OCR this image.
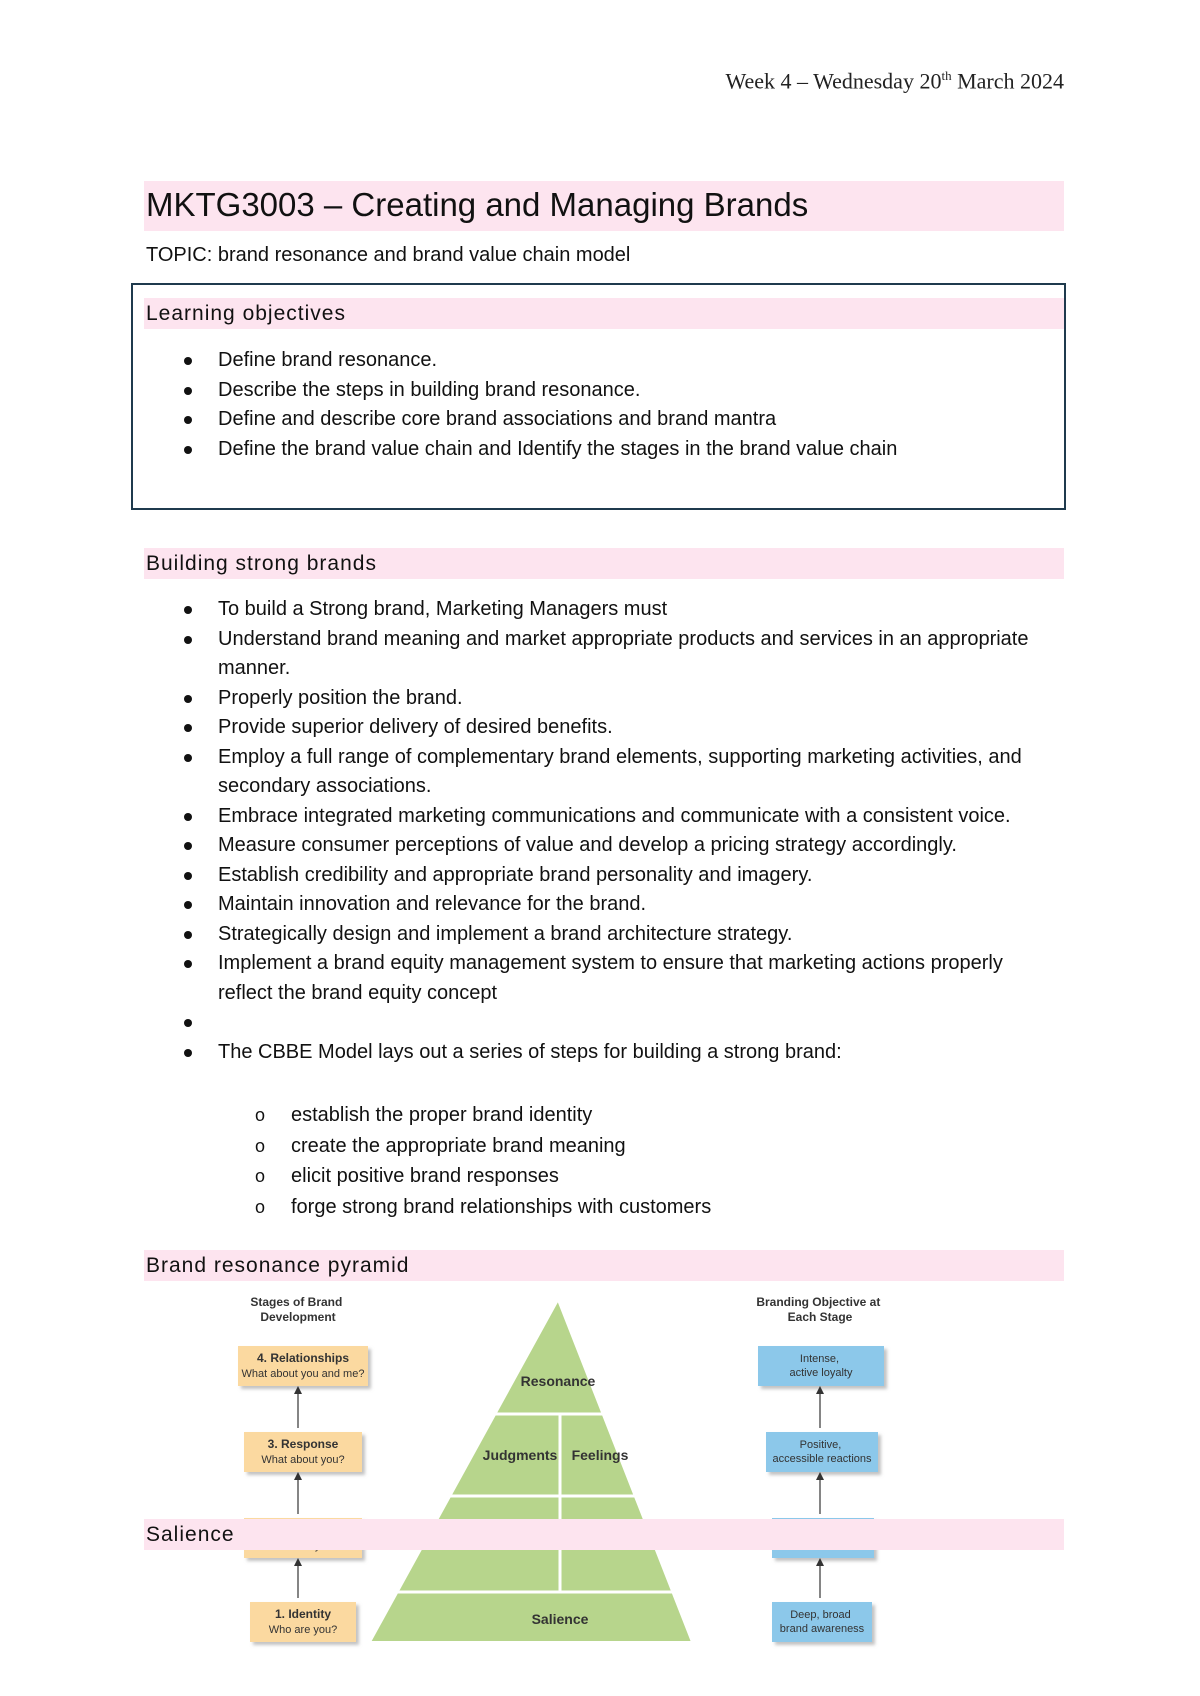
Week 4 – Wednesday 20th March 2024
MKTG3003 – Creating and Managing Brands
TOPIC: brand resonance and brand value chain model
Learning objectives
Define brand resonance.
Describe the steps in building brand resonance.
Define and describe core brand associations and brand mantra
Define the brand value chain and Identify the stages in the brand value chain
Building strong brands
To build a Strong brand, Marketing Managers must
Understand brand meaning and market appropriate products and services in an appropriate manner.
Properly position the brand.
Provide superior delivery of desired benefits.
Employ a full range of complementary brand elements, supporting marketing activities, and secondary associations.
Embrace integrated marketing communications and communicate with a consistent voice.
Measure consumer perceptions of value and develop a pricing strategy accordingly.
Establish credibility and appropriate brand personality and imagery.
Maintain innovation and relevance for the brand.
Strategically design and implement a brand architecture strategy.
Implement a brand equity management system to ensure that marketing actions properly reflect the brand equity concept
The CBBE Model lays out a series of steps for building a strong brand:
o establish the proper brand identity
o create the appropriate brand meaning
o elicit positive brand responses
o forge strong brand relationships with customers
Brand resonance pyramid
Stages of Brand Development
Branding Objective at Each Stage
Resonance
Judgments Feelings
Salience
4. Relationships
What about you and me?
3. Response
What about you?
1. Identity
Who are you?
Intense, active loyalty
Positive, accessible reactions
Deep, broad brand awareness
Salience
